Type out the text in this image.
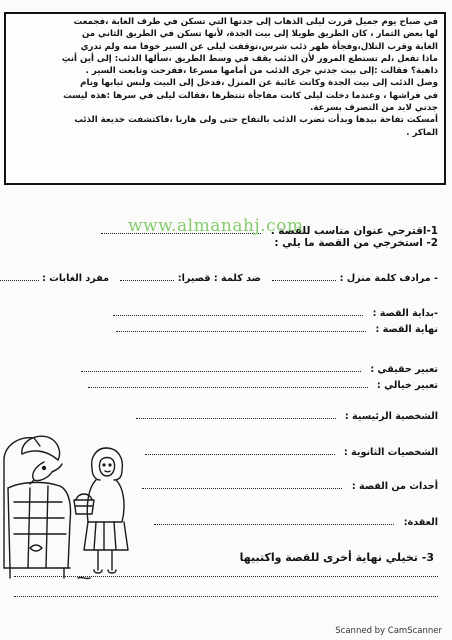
في صباح يوم جميل قررت ليلى الذهاب إلى جدتها التي تسكن في طرف الغابة ،فجمعت

لها بعض الثمار ، كان الطريق طويلا إلى بيت الجدة، لأنها تسكن في الطريق الثاني من

الغابة وقرب التلال،وفجأة ظهر ذئب شرس،توقفت ليلى عن السير خوفا منه ولم تدري

ماذا تفعل ،لم تستطع المرور لأن الذئب يقف في وسط الطريق ،سألها الذئب: إلى أين أنتِ

ذاهبة؟ فقالت :إلى بيت جدتي جرى الذئب من أمامها مسرعا ،ففرحت وتابعت السير .

وصل الذئب إلى بيت الجدة وكانت غائبة عن المنزل ،فدخل إلى البيت ولبس ثيابها ونام

في فراشها ، وعندما دخلت ليلى كانت مفاجأة تنتظرها ،فقالت ليلى في سرها :هذه ليست

جدتي لابد من التصرف بسرعة.

أمسكت تفاحة بيدها وبدأت تضرب الذئب بالتفاح حتى ولى هاربا ،فاكتشفت خديعة الذئب

الماكر .

1-اقترحي عنوان مناسب للقصة .
2- استخرجي من القصة ما يلي :
www.almanahj.com
- مرادف كلمة منزل :  ضد كلمة : قصيرا:  مفرد الغابات :
-بداية القصة :
نهاية القصة :
تعبير حقيقي :
تعبير خيالي :
الشخصية الرئيسية :
الشخصيات الثانوية :
أحداث من القصة :
العقدة:
3- تخيلي نهاية أخرى للقصة واكتبيها
Scanned by CamScanner
